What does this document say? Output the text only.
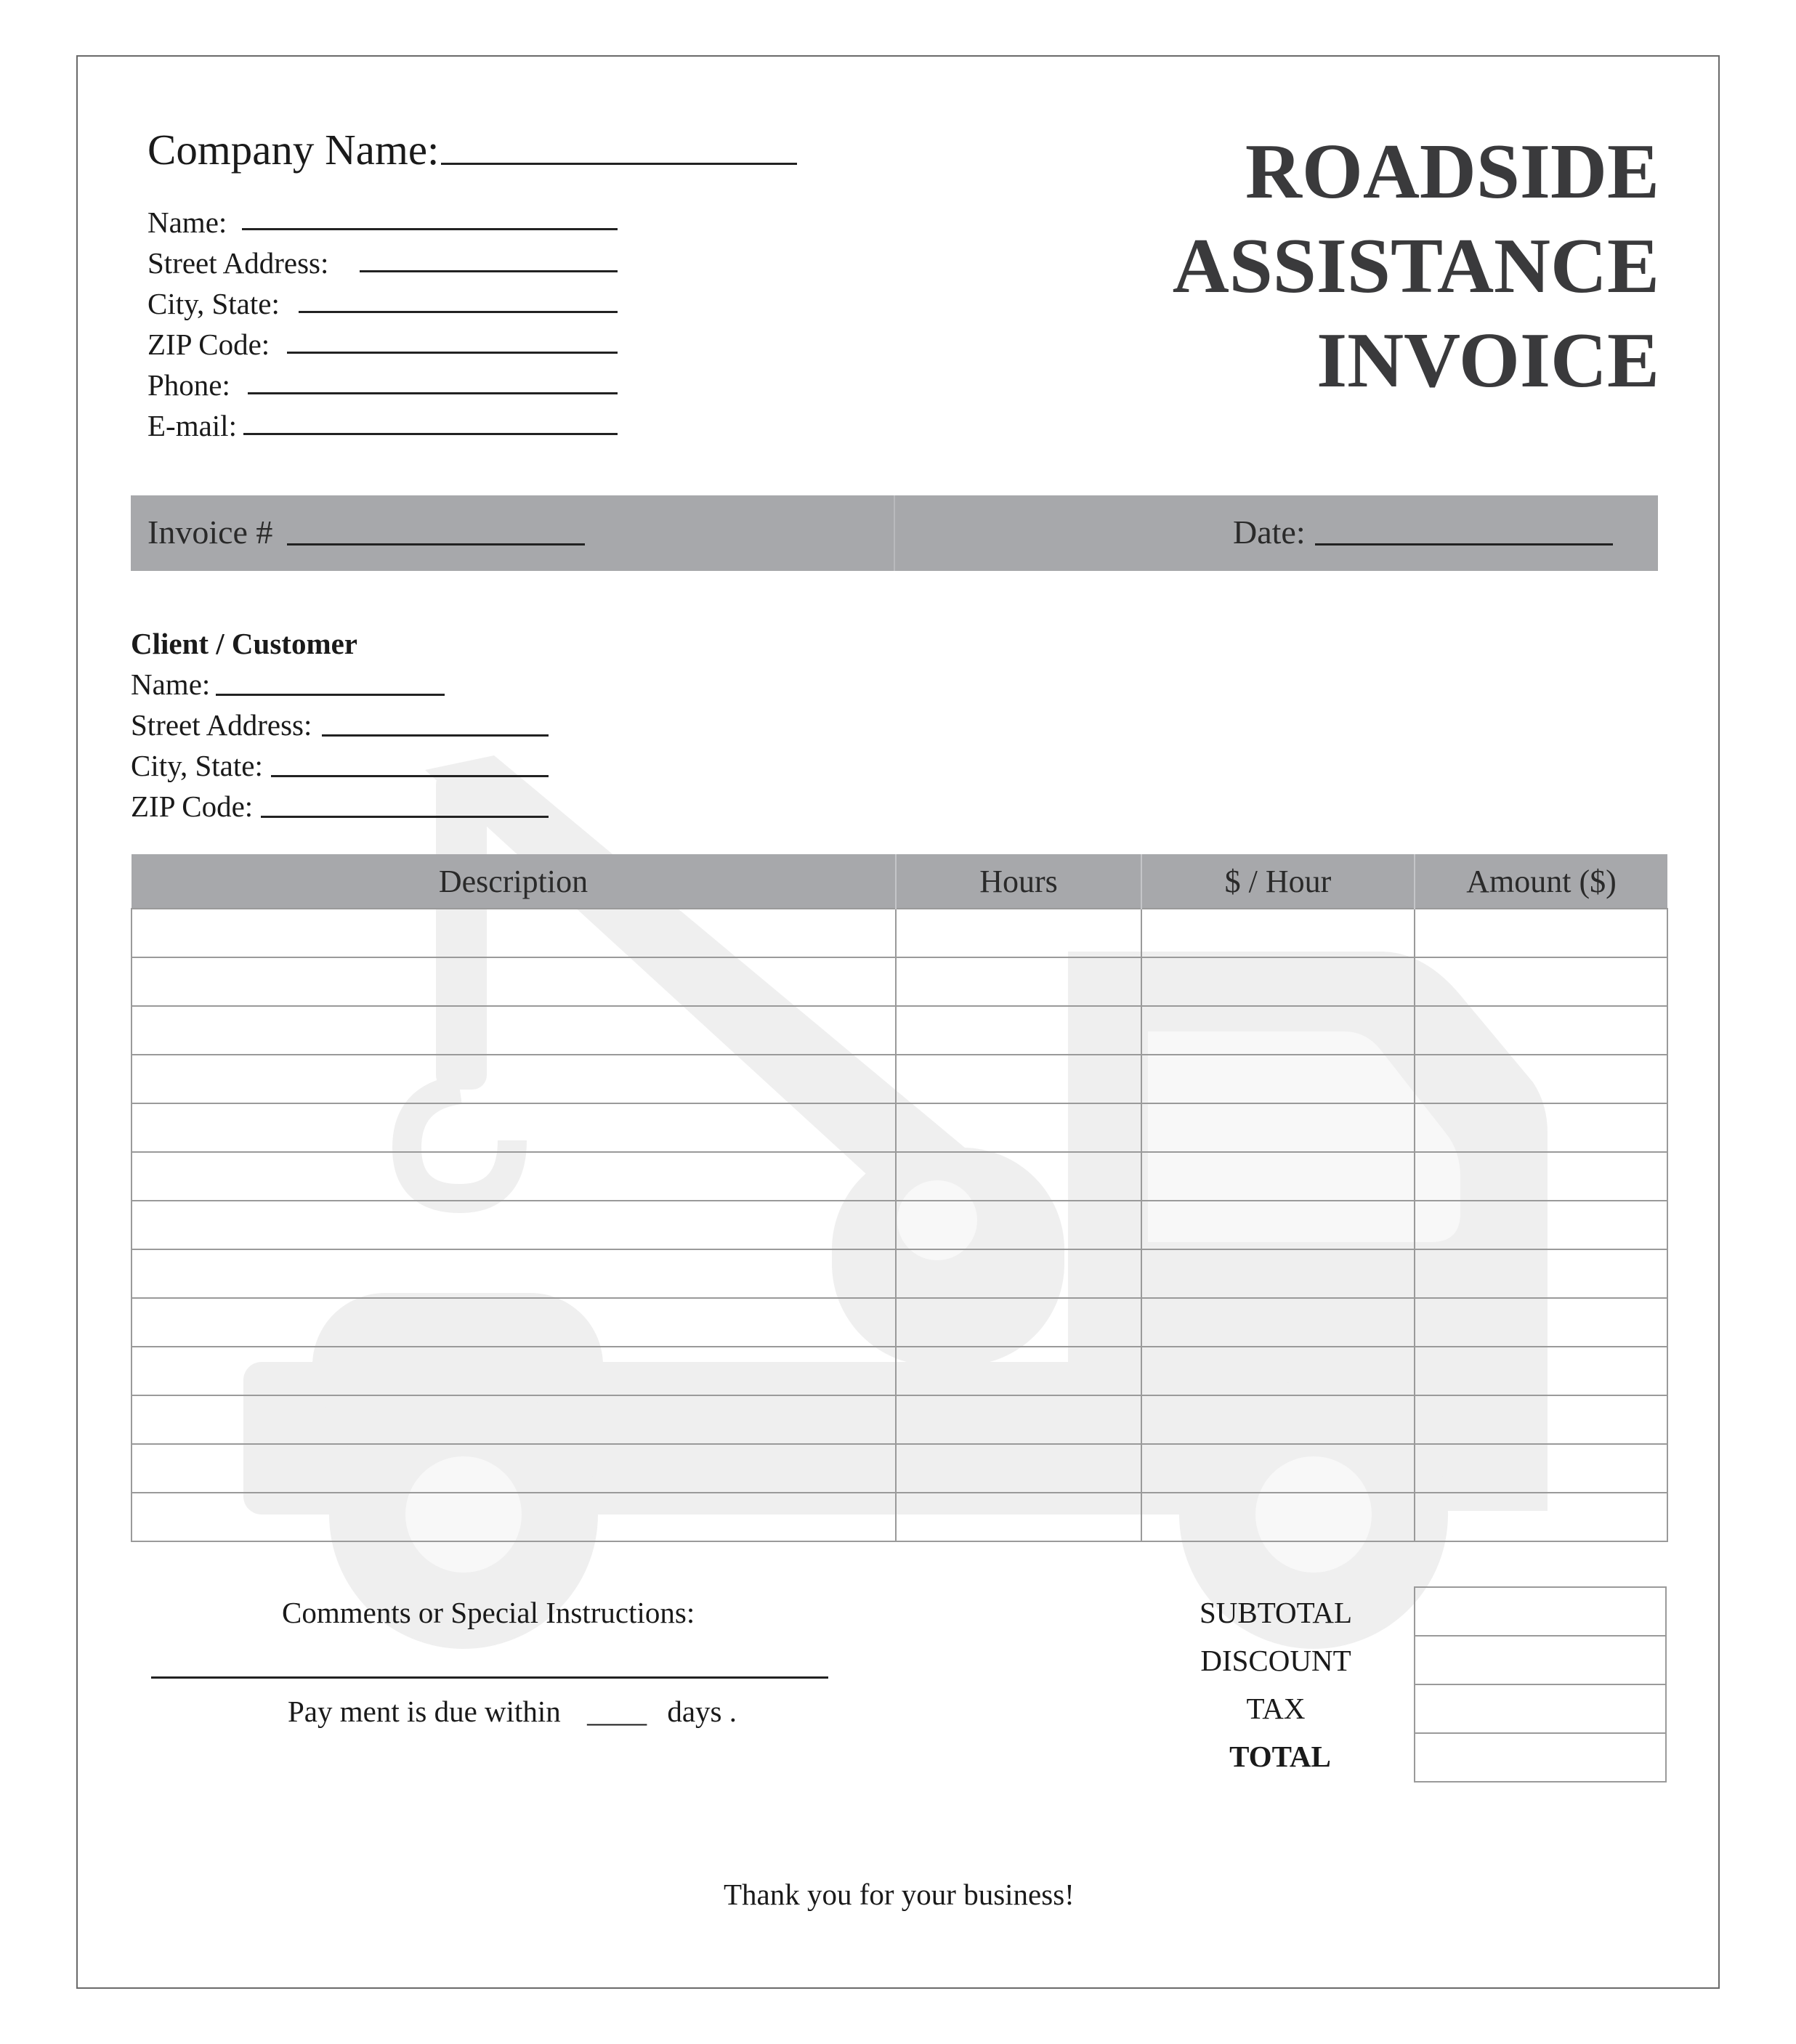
ROADSIDE
ASSISTANCE
INVOICE
Company Name:
Name:
Street Address:
City, State:
ZIP Code:
Phone:
E-mail:
Invoice #	Date:
Client / Customer
Name:
Street Address:
City, State:
ZIP Code:
Description	Hours	$ / Hour	Amount ($)

Comments or Special Instructions:
Pay ment is due within ____ days .
SUBTOTAL
DISCOUNT
TAX
TOTAL

Thank you for your business!
